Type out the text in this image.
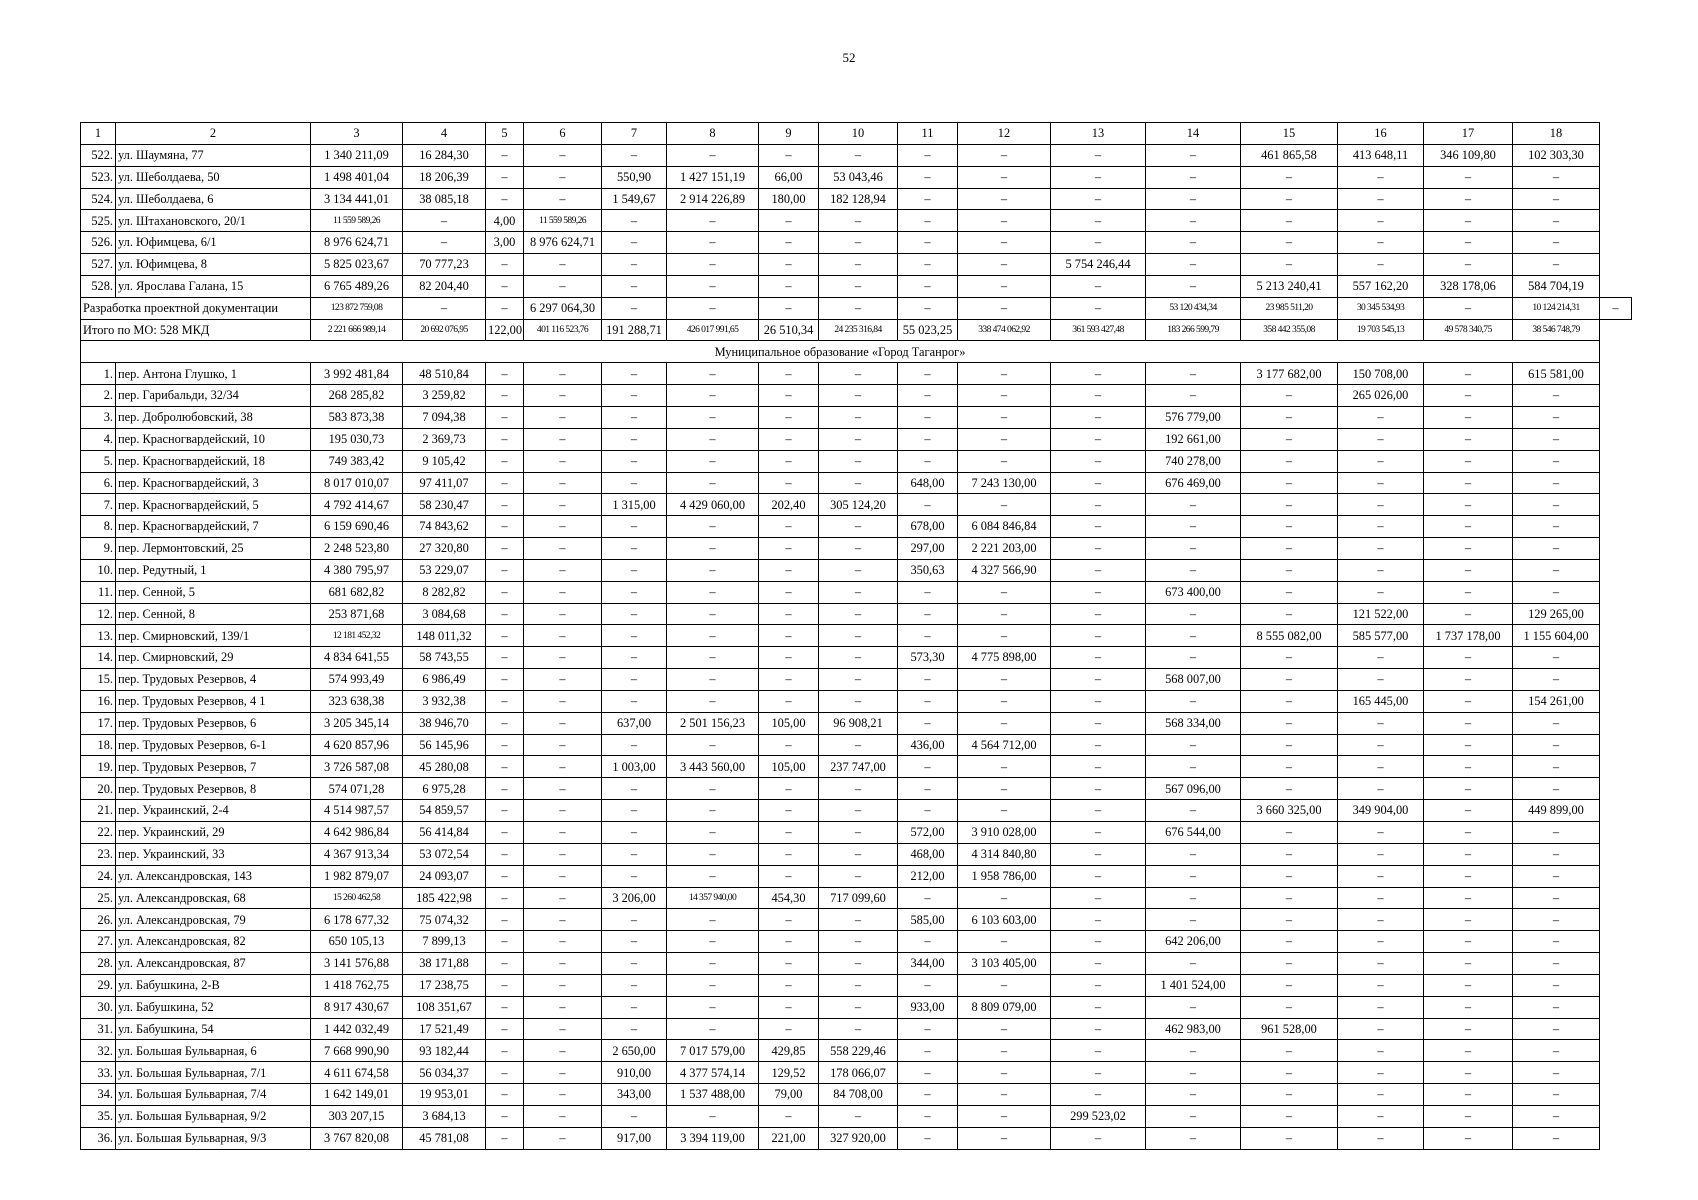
52
1	2	3	4	5	6	7	8	9	10	11	12	13	14	15	16	17	18	
522.	ул. Шаумяна, 77	1 340 211,09	16 284,30	–	–	–	–	–	–	–	–	–	–	461 865,58	413 648,11	346 109,80	102 303,30	
523.	ул. Шеболдаева, 50	1 498 401,04	18 206,39	–	–	550,90	1 427 151,19	66,00	53 043,46	–	–	–	–	–	–	–	–	
524.	ул. Шеболдаева, 6	3 134 441,01	38 085,18	–	–	1 549,67	2 914 226,89	180,00	182 128,94	–	–	–	–	–	–	–	–	
525.	ул. Штахановского, 20/1	11 559 589,26	–	4,00	11 559 589,26	–	–	–	–	–	–	–	–	–	–	–	–	
526.	ул. Юфимцева, 6/1	8 976 624,71	–	3,00	8 976 624,71	–	–	–	–	–	–	–	–	–	–	–	–	
527.	ул. Юфимцева, 8	5 825 023,67	70 777,23	–	–	–	–	–	–	–	–	5 754 246,44	–	–	–	–	–	
528.	ул. Ярослава Галана, 15	6 765 489,26	82 204,40	–	–	–	–	–	–	–	–	–	–	5 213 240,41	557 162,20	328 178,06	584 704,19	
Разработка проектной документации		123 872 759,08	–	–	6 297 064,30	–	–	–	–	–	–	–	53 120 434,34	23 985 511,20	30 345 534,93	–	10 124 214,31	–
Итого по МО: 528 МКД		2 221 666 989,14	20 692 076,95	122,00	401 116 523,76	191 288,71	426 017 991,65	26 510,34	24 235 316,84	55 023,25	338 474 062,92	361 593 427,48	183 266 599,79	358 442 355,08	19 703 545,13	49 578 340,75	38 546 748,79	
Муниципальное образование «Город Таганрог»																		
1.	пер. Антона Глушко, 1	3 992 481,84	48 510,84	–	–	–	–	–	–	–	–	–	–	3 177 682,00	150 708,00	–	615 581,00	
2.	пер. Гарибальди, 32/34	268 285,82	3 259,82	–	–	–	–	–	–	–	–	–	–	–	265 026,00	–	–	
3.	пер. Добролюбовский, 38	583 873,38	7 094,38	–	–	–	–	–	–	–	–	–	576 779,00	–	–	–	–	
4.	пер. Красногвардейский, 10	195 030,73	2 369,73	–	–	–	–	–	–	–	–	–	192 661,00	–	–	–	–	
5.	пер. Красногвардейский, 18	749 383,42	9 105,42	–	–	–	–	–	–	–	–	–	740 278,00	–	–	–	–	
6.	пер. Красногвардейский, 3	8 017 010,07	97 411,07	–	–	–	–	–	–	648,00	7 243 130,00	–	676 469,00	–	–	–	–	
7.	пер. Красногвардейский, 5	4 792 414,67	58 230,47	–	–	1 315,00	4 429 060,00	202,40	305 124,20	–	–	–	–	–	–	–	–	
8.	пер. Красногвардейский, 7	6 159 690,46	74 843,62	–	–	–	–	–	–	678,00	6 084 846,84	–	–	–	–	–	–	
9.	пер. Лермонтовский, 25	2 248 523,80	27 320,80	–	–	–	–	–	–	297,00	2 221 203,00	–	–	–	–	–	–	
10.	пер. Редутный, 1	4 380 795,97	53 229,07	–	–	–	–	–	–	350,63	4 327 566,90	–	–	–	–	–	–	
11.	пер. Сенной, 5	681 682,82	8 282,82	–	–	–	–	–	–	–	–	–	673 400,00	–	–	–	–	
12.	пер. Сенной, 8	253 871,68	3 084,68	–	–	–	–	–	–	–	–	–	–	–	121 522,00	–	129 265,00	
13.	пер. Смирновский, 139/1	12 181 452,32	148 011,32	–	–	–	–	–	–	–	–	–	–	8 555 082,00	585 577,00	1 737 178,00	1 155 604,00	
14.	пер. Смирновский, 29	4 834 641,55	58 743,55	–	–	–	–	–	–	573,30	4 775 898,00	–	–	–	–	–	–	
15.	пер. Трудовых Резервов, 4	574 993,49	6 986,49	–	–	–	–	–	–	–	–	–	568 007,00	–	–	–	–	
16.	пер. Трудовых Резервов, 4 1	323 638,38	3 932,38	–	–	–	–	–	–	–	–	–	–	–	165 445,00	–	154 261,00	
17.	пер. Трудовых Резервов, 6	3 205 345,14	38 946,70	–	–	637,00	2 501 156,23	105,00	96 908,21	–	–	–	568 334,00	–	–	–	–	
18.	пер. Трудовых Резервов, 6-1	4 620 857,96	56 145,96	–	–	–	–	–	–	436,00	4 564 712,00	–	–	–	–	–	–	
19.	пер. Трудовых Резервов, 7	3 726 587,08	45 280,08	–	–	1 003,00	3 443 560,00	105,00	237 747,00	–	–	–	–	–	–	–	–	
20.	пер. Трудовых Резервов, 8	574 071,28	6 975,28	–	–	–	–	–	–	–	–	–	567 096,00	–	–	–	–	
21.	пер. Украинский, 2-4	4 514 987,57	54 859,57	–	–	–	–	–	–	–	–	–	–	3 660 325,00	349 904,00	–	449 899,00	
22.	пер. Украинский, 29	4 642 986,84	56 414,84	–	–	–	–	–	–	572,00	3 910 028,00	–	676 544,00	–	–	–	–	
23.	пер. Украинский, 33	4 367 913,34	53 072,54	–	–	–	–	–	–	468,00	4 314 840,80	–	–	–	–	–	–	
24.	ул. Александровская, 143	1 982 879,07	24 093,07	–	–	–	–	–	–	212,00	1 958 786,00	–	–	–	–	–	–	
25.	ул. Александровская, 68	15 260 462,58	185 422,98	–	–	3 206,00	14 357 940,00	454,30	717 099,60	–	–	–	–	–	–	–	–	
26.	ул. Александровская, 79	6 178 677,32	75 074,32	–	–	–	–	–	–	585,00	6 103 603,00	–	–	–	–	–	–	
27.	ул. Александровская, 82	650 105,13	7 899,13	–	–	–	–	–	–	–	–	–	642 206,00	–	–	–	–	
28.	ул. Александровская, 87	3 141 576,88	38 171,88	–	–	–	–	–	–	344,00	3 103 405,00	–	–	–	–	–	–	
29.	ул. Бабушкина, 2-В	1 418 762,75	17 238,75	–	–	–	–	–	–	–	–	–	1 401 524,00	–	–	–	–	
30.	ул. Бабушкина, 52	8 917 430,67	108 351,67	–	–	–	–	–	–	933,00	8 809 079,00	–	–	–	–	–	–	
31.	ул. Бабушкина, 54	1 442 032,49	17 521,49	–	–	–	–	–	–	–	–	–	462 983,00	961 528,00	–	–	–	
32.	ул. Большая Бульварная, 6	7 668 990,90	93 182,44	–	–	2 650,00	7 017 579,00	429,85	558 229,46	–	–	–	–	–	–	–	–	
33.	ул. Большая Бульварная, 7/1	4 611 674,58	56 034,37	–	–	910,00	4 377 574,14	129,52	178 066,07	–	–	–	–	–	–	–	–	
34.	ул. Большая Бульварная, 7/4	1 642 149,01	19 953,01	–	–	343,00	1 537 488,00	79,00	84 708,00	–	–	–	–	–	–	–	–	
35.	ул. Большая Бульварная, 9/2	303 207,15	3 684,13	–	–	–	–	–	–	–	–	299 523,02	–	–	–	–	–	
36.	ул. Большая Бульварная, 9/3	3 767 820,08	45 781,08	–	–	917,00	3 394 119,00	221,00	327 920,00	–	–	–	–	–	–	–	–	
